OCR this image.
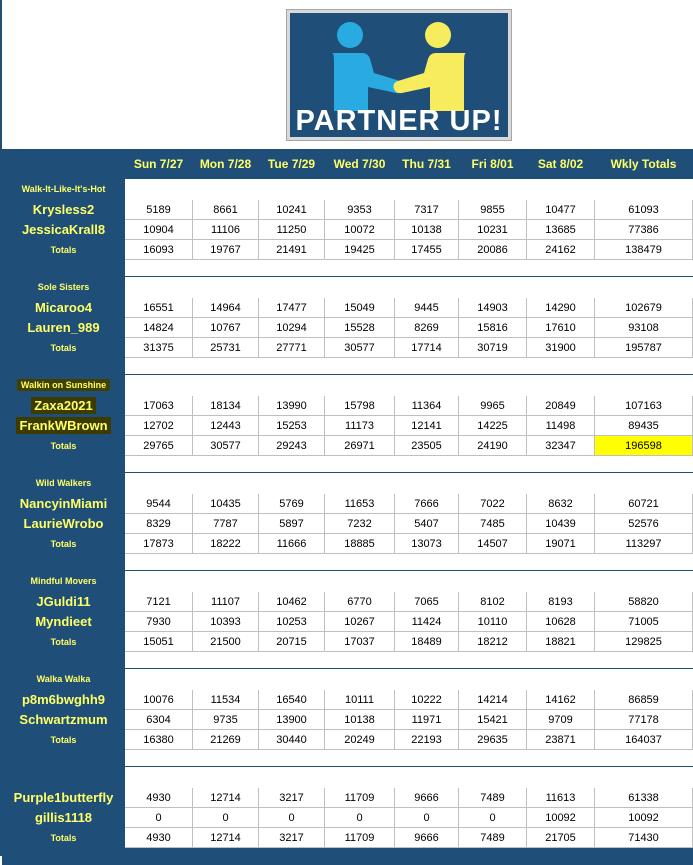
PARTNER UP!
	Sun 7/27	Mon 7/28	Tue 7/29	Wed 7/30	Thu 7/31	Fri 8/01	Sat 8/02	Wkly Totals
Walk-It-Like-It's-Hot								
Krysless2	5189	8661	10241	9353	7317	9855	10477	61093
JessicaKrall8	10904	11106	11250	10072	10138	10231	13685	77386
Totals	16093	19767	21491	19425	17455	20086	24162	138479

Sole Sisters								
Micaroo4	16551	14964	17477	15049	9445	14903	14290	102679
Lauren_989	14824	10767	10294	15528	8269	15816	17610	93108
Totals	31375	25731	27771	30577	17714	30719	31900	195787

Walkin on Sunshine								
Zaxa2021	17063	18134	13990	15798	11364	9965	20849	107163
FrankWBrown	12702	12443	15253	11173	12141	14225	11498	89435
Totals	29765	30577	29243	26971	23505	24190	32347	196598

Wild Walkers								
NancyinMiami	9544	10435	5769	11653	7666	7022	8632	60721
LaurieWrobo	8329	7787	5897	7232	5407	7485	10439	52576
Totals	17873	18222	11666	18885	13073	14507	19071	113297

Mindful Movers								
JGuldi11	7121	11107	10462	6770	7065	8102	8193	58820
Myndieet	7930	10393	10253	10267	11424	10110	10628	71005
Totals	15051	21500	20715	17037	18489	18212	18821	129825

Walka Walka								
p8m6bwghh9	10076	11534	16540	10111	10222	14214	14162	86859
Schwartzmum	6304	9735	13900	10138	11971	15421	9709	77178
Totals	16380	21269	30440	20249	22193	29635	23871	164037

Purple1butterfly	4930	12714	3217	11709	9666	7489	11613	61338
gillis1118	0	0	0	0	0	0	10092	10092
Totals	4930	12714	3217	11709	9666	7489	21705	71430
